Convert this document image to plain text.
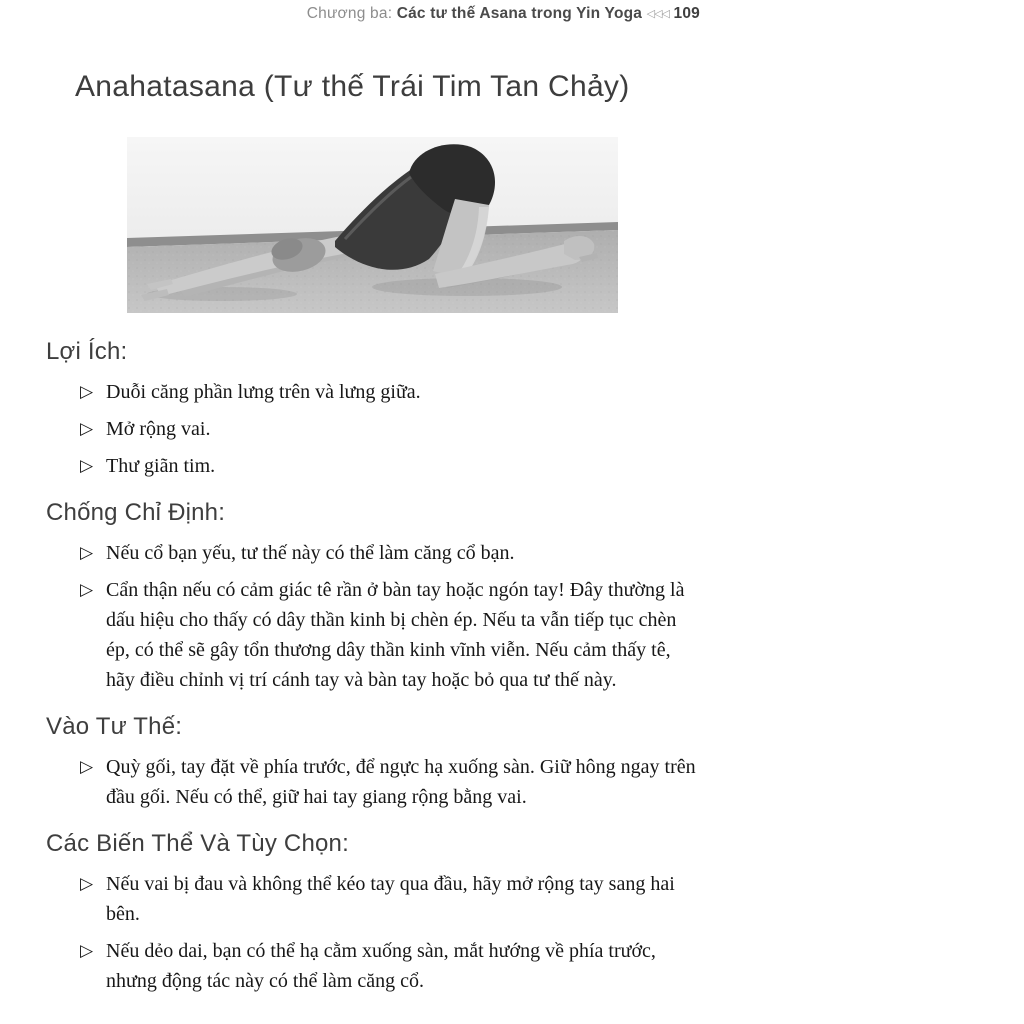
Chương ba: Các tư thế Asana trong Yin Yoga ◁◁◁ 109
Anahatasana (Tư thế Trái Tim Tan Chảy)
Lợi Ích:
▷ Duỗi căng phần lưng trên và lưng giữa.
▷ Mở rộng vai.
▷ Thư giãn tim.
Chống Chỉ Định:
▷ Nếu cổ bạn yếu, tư thế này có thể làm căng cổ bạn.
▷ Cẩn thận nếu có cảm giác tê rần ở bàn tay hoặc ngón tay! Đây thường là dấu hiệu cho thấy có dây thần kinh bị chèn ép. Nếu ta vẫn tiếp tục chèn ép, có thể sẽ gây tổn thương dây thần kinh vĩnh viễn. Nếu cảm thấy tê, hãy điều chỉnh vị trí cánh tay và bàn tay hoặc bỏ qua tư thế này.
Vào Tư Thế:
▷ Quỳ gối, tay đặt về phía trước, để ngực hạ xuống sàn. Giữ hông ngay trên đầu gối. Nếu có thể, giữ hai tay giang rộng bằng vai.
Các Biến Thể Và Tùy Chọn:
▷ Nếu vai bị đau và không thể kéo tay qua đầu, hãy mở rộng tay sang hai bên.
▷ Nếu dẻo dai, bạn có thể hạ cằm xuống sàn, mắt hướng về phía trước, nhưng động tác này có thể làm căng cổ.
